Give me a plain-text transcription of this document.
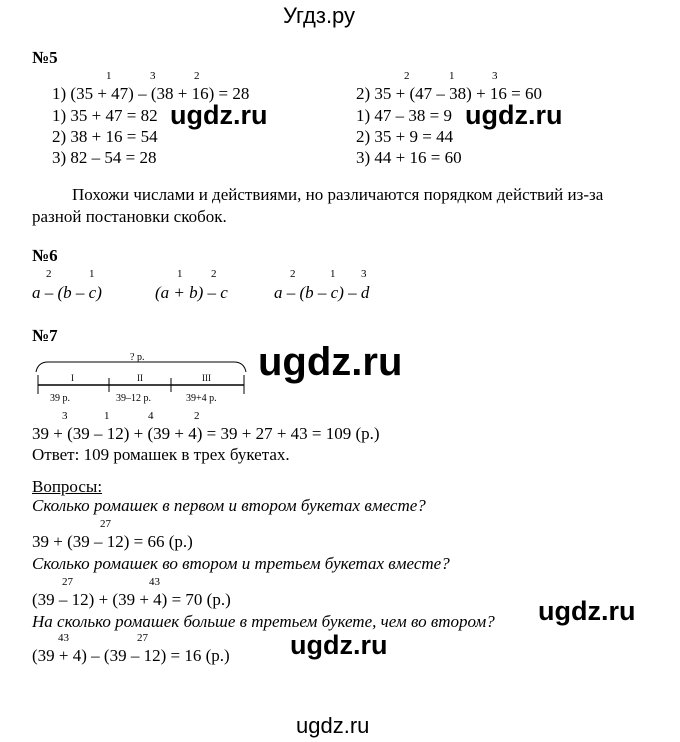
Угдз.ру
№5
1	3	2
1) (35 + 47) – (38 + 16) = 28
1) 35 + 47 = 82
2) 38 + 16 = 54
3) 82 – 54 = 28
2	1	3
2) 35 + (47 – 38) + 16 = 60
1) 47 – 38 = 9
2) 35 + 9 = 44
3) 44 + 16 = 60
ugdz.ru	ugdz.ru
Похожи числами и действиями, но различаются порядком действий из-за разной постановки скобок.
№6
2	1
a – (b – c)
1	2
(a + b) – c
2	1 3
a – (b – c) – d
№7
ugdz.ru
? р.
I	II	III
39 р.	39–12 р.	39+4 р.
3	1	4	2
39 + (39 – 12) + (39 + 4) = 39 + 27 + 43 = 109 (р.)
Ответ: 109 ромашек в трех букетах.
Вопросы:
Сколько ромашек в первом и втором букетах вместе?
27
39 + (39 – 12) = 66 (р.)
Сколько ромашек во втором и третьем букетах вместе?
27	43
(39 – 12) + (39 + 4) = 70 (р.)
На сколько ромашек больше в третьем букете, чем во втором?
43	27
(39 + 4) – (39 – 12) = 16 (р.)
ugdz.ru
ugdz.ru
ugdz.ru
